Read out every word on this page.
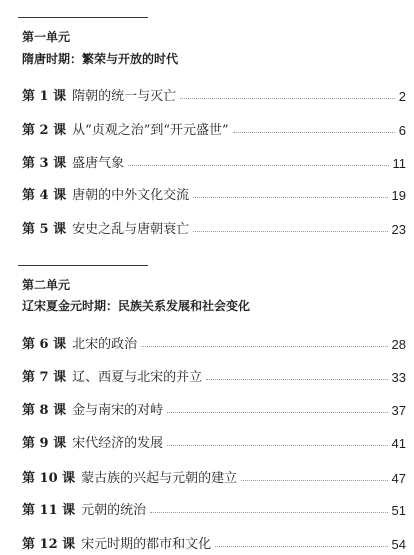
第一单元
隋唐时期：繁荣与开放的时代
第 1 课 隋朝的统一与灭亡	2
第 2 课 从“贞观之治”到“开元盛世”	6
第 3 课 盛唐气象	11
第 4 课 唐朝的中外文化交流	19
第 5 课 安史之乱与唐朝衰亡	23
第二单元
辽宋夏金元时期：民族关系发展和社会变化
第 6 课 北宋的政治	28
第 7 课 辽、西夏与北宋的并立	33
第 8 课 金与南宋的对峙	37
第 9 课 宋代经济的发展	41
第 10 课 蒙古族的兴起与元朝的建立	47
第 11 课 元朝的统治	51
第 12 课 宋元时期的都市和文化	54
